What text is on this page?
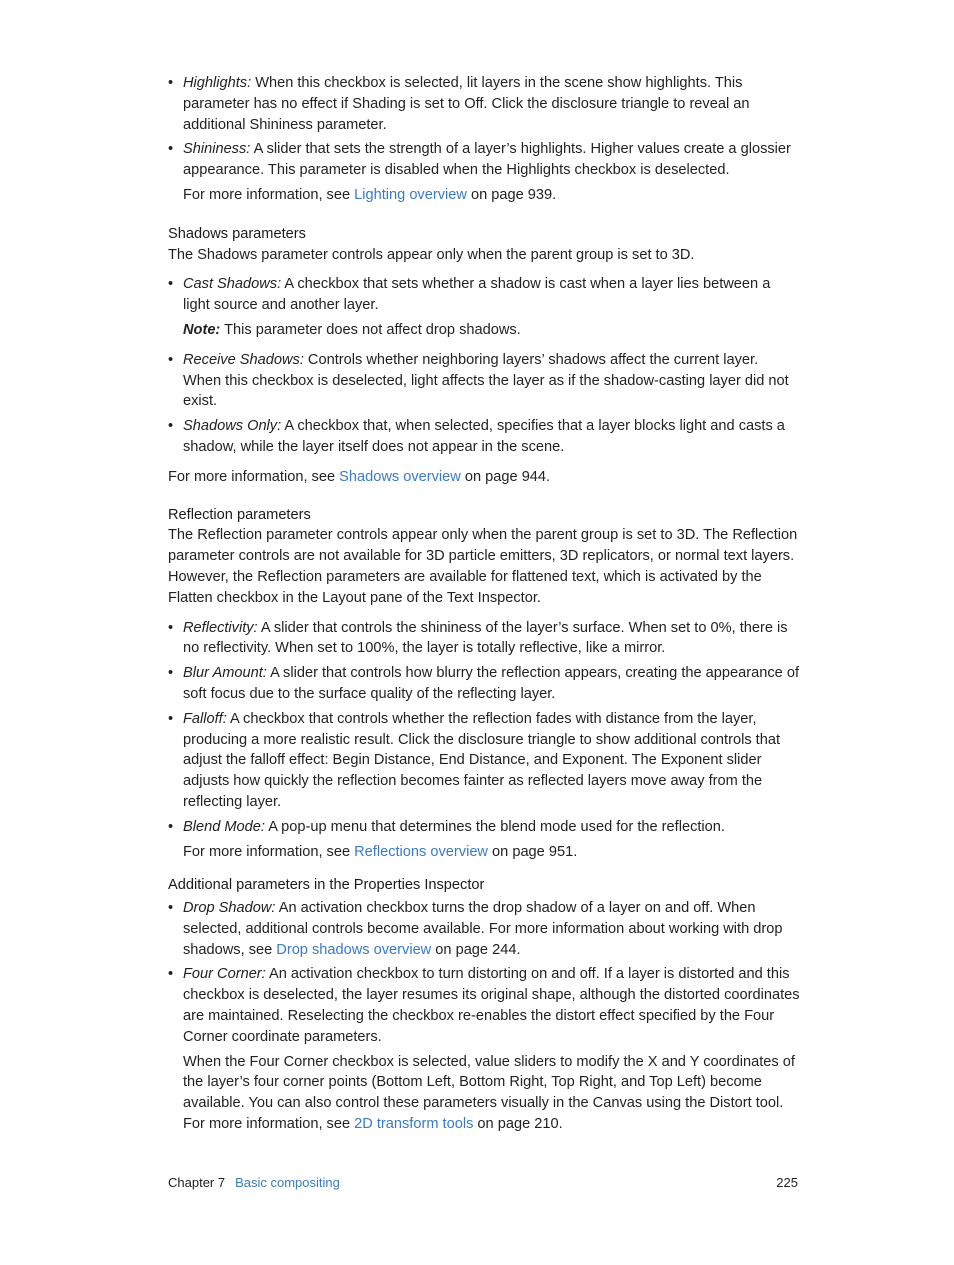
• Highlights: When this checkbox is selected, lit layers in the scene show highlights. This parameter has no effect if Shading is set to Off. Click the disclosure triangle to reveal an additional Shininess parameter.
• Shininess: A slider that sets the strength of a layer’s highlights. Higher values create a glossier appearance. This parameter is disabled when the Highlights checkbox is deselected.

For more information, see Lighting overview on page 939.

Shadows parameters

The Shadows parameter controls appear only when the parent group is set to 3D.

• Cast Shadows: A checkbox that sets whether a shadow is cast when a layer lies between a light source and another layer.

Note: This parameter does not affect drop shadows.

• Receive Shadows: Controls whether neighboring layers’ shadows affect the current layer. When this checkbox is deselected, light affects the layer as if the shadow-casting layer did not exist.
• Shadows Only: A checkbox that, when selected, specifies that a layer blocks light and casts a shadow, while the layer itself does not appear in the scene.

For more information, see Shadows overview on page 944.

Reflection parameters

The Reflection parameter controls appear only when the parent group is set to 3D. The Reflection parameter controls are not available for 3D particle emitters, 3D replicators, or normal text layers. However, the Reflection parameters are available for flattened text, which is activated by the Flatten checkbox in the Layout pane of the Text Inspector.

• Reflectivity: A slider that controls the shininess of the layer’s surface. When set to 0%, there is no reflectivity. When set to 100%, the layer is totally reflective, like a mirror.
• Blur Amount: A slider that controls how blurry the reflection appears, creating the appearance of soft focus due to the surface quality of the reflecting layer.
• Falloff: A checkbox that controls whether the reflection fades with distance from the layer, producing a more realistic result. Click the disclosure triangle to show additional controls that adjust the falloff effect: Begin Distance, End Distance, and Exponent. The Exponent slider adjusts how quickly the reflection becomes fainter as reflected layers move away from the reflecting layer.
• Blend Mode: A pop-up menu that determines the blend mode used for the reflection.

For more information, see Reflections overview on page 951.

Additional parameters in the Properties Inspector
• Drop Shadow: An activation checkbox turns the drop shadow of a layer on and off. When selected, additional controls become available. For more information about working with drop shadows, see Drop shadows overview on page 244.
• Four Corner: An activation checkbox to turn distorting on and off. If a layer is distorted and this checkbox is deselected, the layer resumes its original shape, although the distorted coordinates are maintained. Reselecting the checkbox re-enables the distort effect specified by the Four Corner coordinate parameters.

When the Four Corner checkbox is selected, value sliders to modify the X and Y coordinates of the layer’s four corner points (Bottom Left, Bottom Right, Top Right, and Top Left) become available. You can also control these parameters visually in the Canvas using the Distort tool. For more information, see 2D transform tools on page 210.

Chapter 7 Basic compositing	225
